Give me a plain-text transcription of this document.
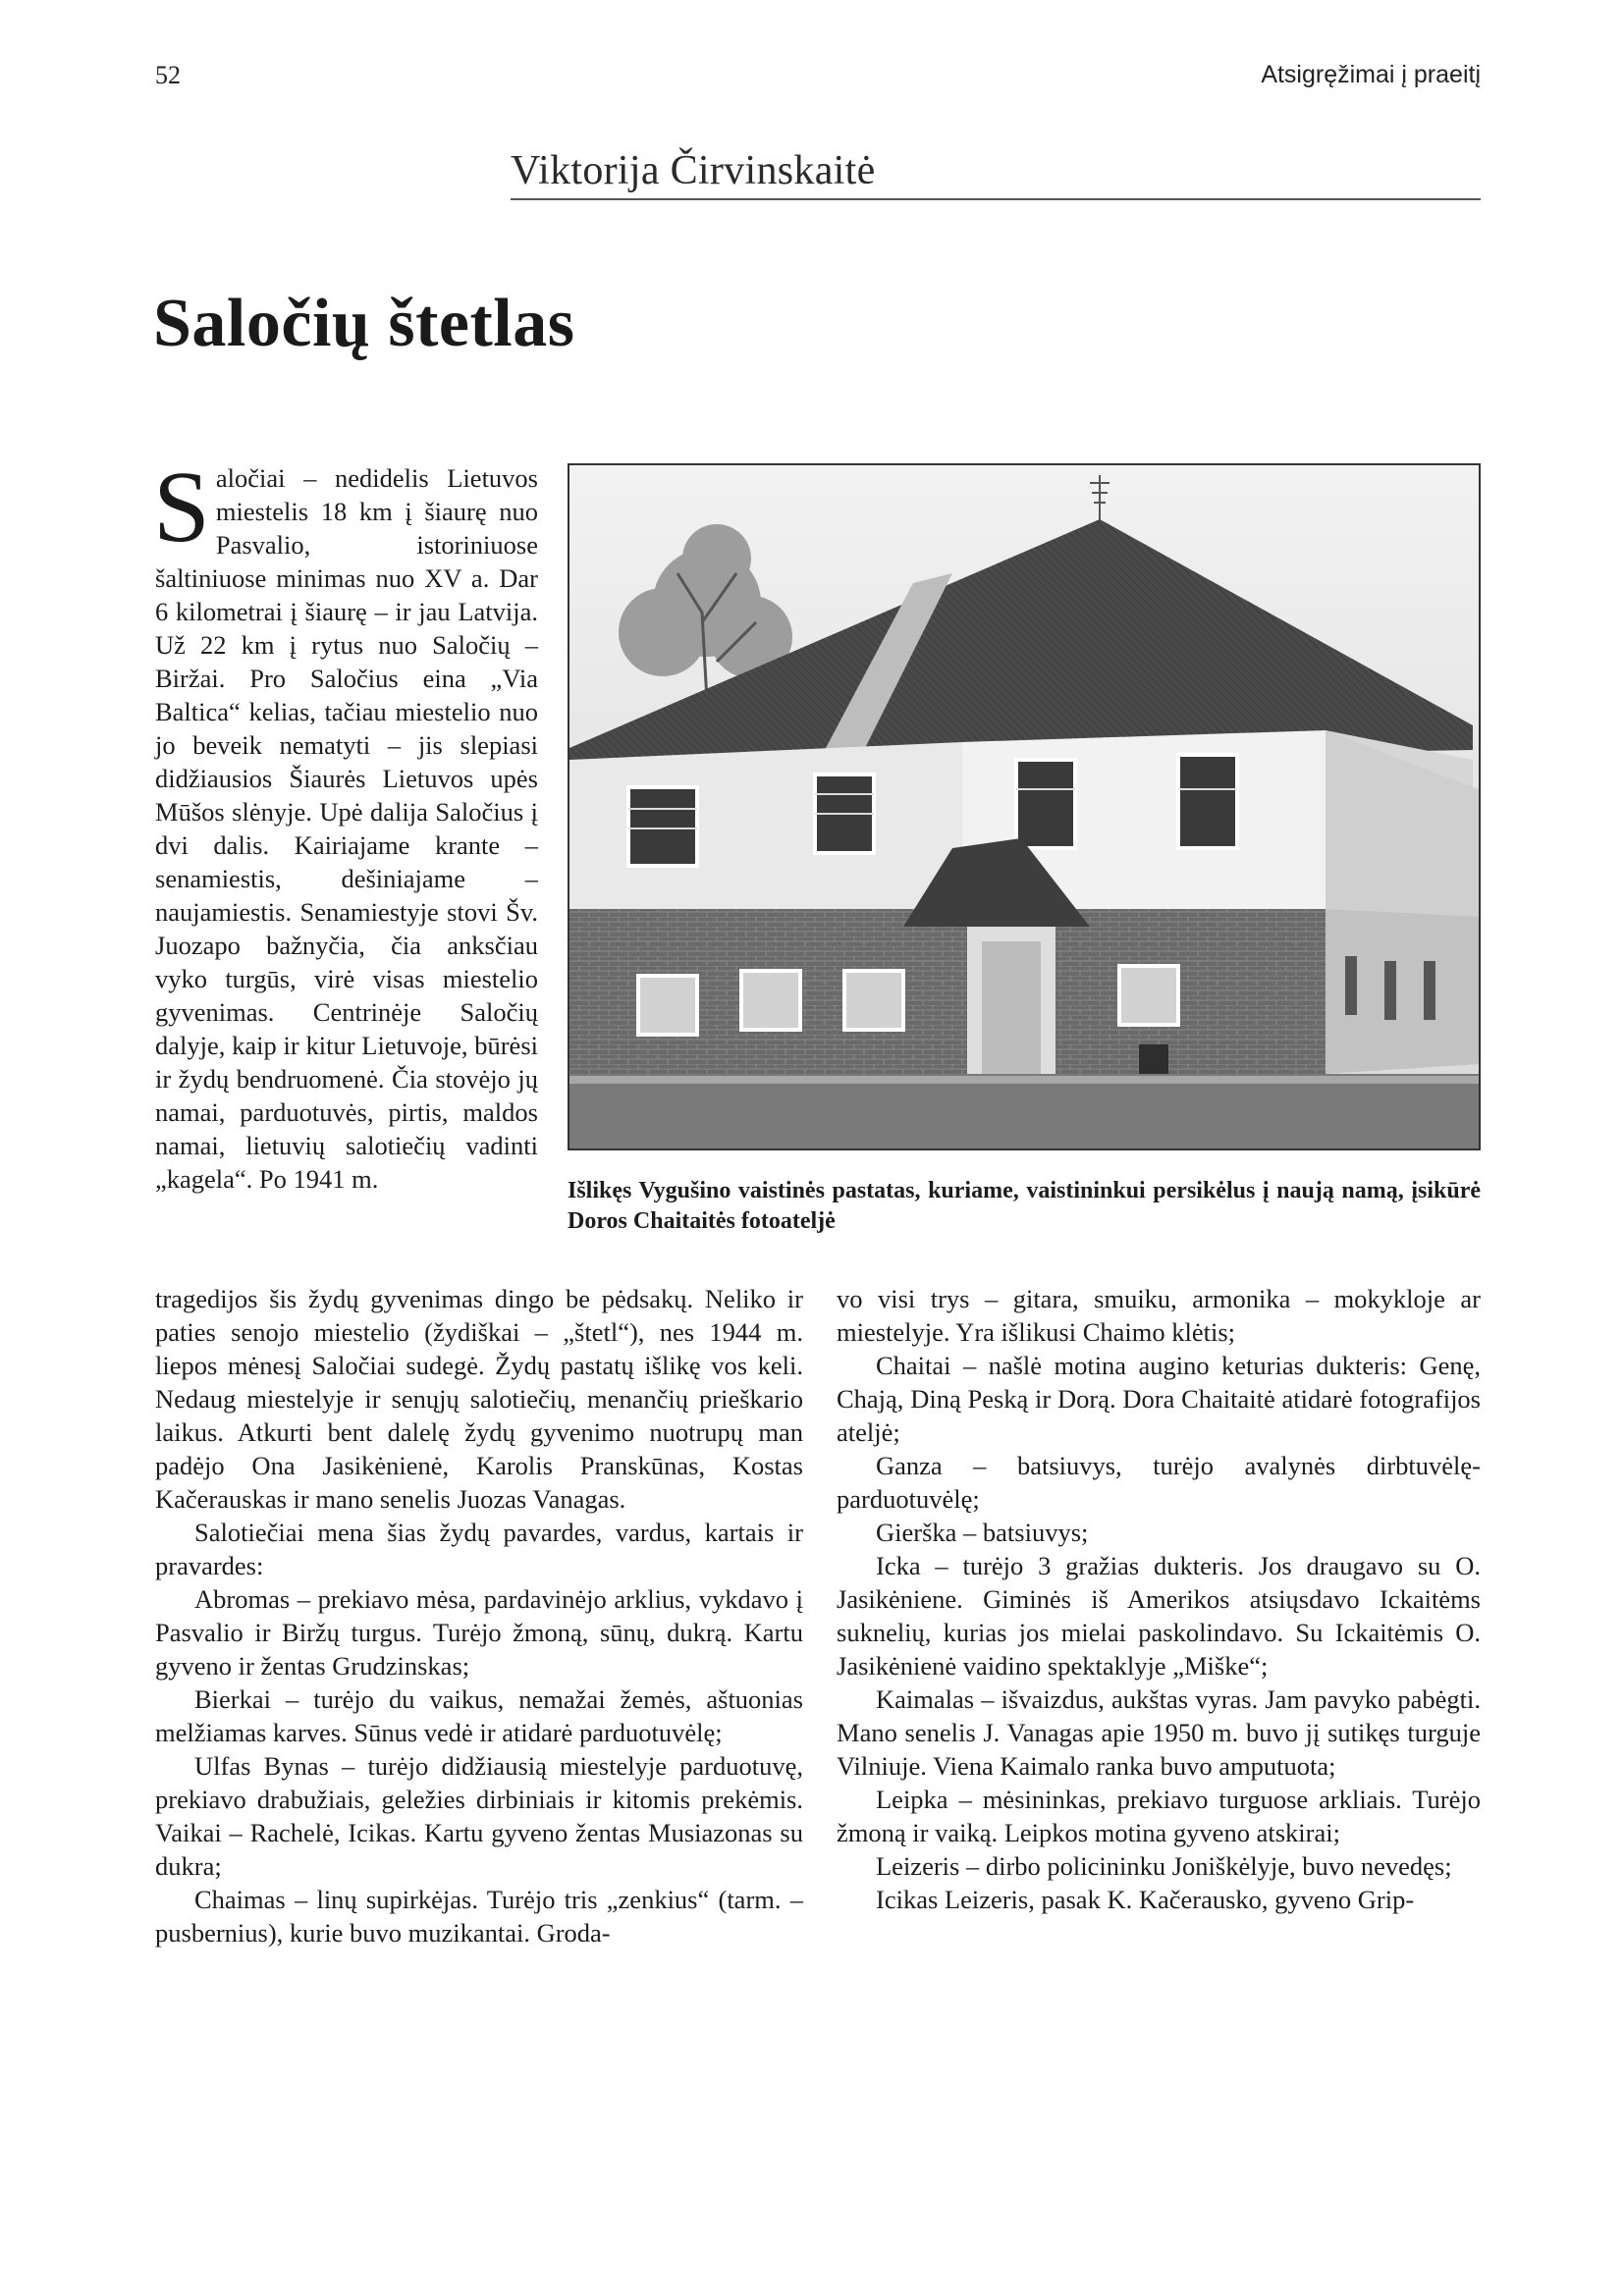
52	Atsigręžimai į praeitį
Viktorija Čirvinskaitė
Saločių štetlas

Saločiai – nedidelis Lietuvos miestelis 18 km į šiaurę nuo Pasvalio, istoriniuose šaltiniuose minimas nuo XV a. Dar 6 kilometrai į šiaurę – ir jau Latvija. Už 22 km į rytus nuo Saločių – Biržai. Pro Saločius eina „Via Baltica“ kelias, tačiau miestelio nuo jo beveik nematyti – jis slepiasi didžiausios Šiaurės Lietuvos upės Mūšos slėnyje. Upė dalija Saločius į dvi dalis. Kairiajame krante – senamiestis, dešiniajame – naujamiestis. Senamiestyje stovi Šv. Juozapo bažnyčia, čia anksčiau vyko turgūs, virė visas miestelio gyvenimas. Centrinėje Saločių dalyje, kaip ir kitur Lietuvoje, būrėsi ir žydų bendruomenė. Čia stovėjo jų namai, parduotuvės, pirtis, maldos namai, lietuvių salotiečių vadinti „kagela“. Po 1941 m.	Išlikęs Vygušino vaistinės pastatas, kuriame, vaistininkui persikėlus į naują namą, įsikūrė Doros Chaitaitės fotoateljė

tragedijos šis žydų gyvenimas dingo be pėdsakų. Neliko ir paties senojo miestelio (žydiškai – „štetl“), nes 1944 m. liepos mėnesį Saločiai sudegė. Žydų pastatų išlikę vos keli. Nedaug miestelyje ir senųjų salotiečių, menančių prieškario laikus. Atkurti bent dalelę žydų gyvenimo nuotrupų man padėjo Ona Jasikėnienė, Karolis Pranskūnas, Kostas Kačerauskas ir mano senelis Juozas Vanagas.

Salotiečiai mena šias žydų pavardes, vardus, kartais ir pravardes:

Abromas – prekiavo mėsa, pardavinėjo arklius, vykdavo į Pasvalio ir Biržų turgus. Turėjo žmoną, sūnų, dukrą. Kartu gyveno ir žentas Grudzinskas;

Bierkai – turėjo du vaikus, nemažai žemės, aštuonias melžiamas karves. Sūnus vedė ir atidarė parduotuvėlę;

Ulfas Bynas – turėjo didžiausią miestelyje parduotuvę, prekiavo drabužiais, geležies dirbiniais ir kitomis prekėmis. Vaikai – Rachelė, Icikas. Kartu gyveno žentas Musiazonas su dukra;

Chaimas – linų supirkėjas. Turėjo tris „zenkius“ (tarm. – pusbernius), kurie buvo muzikantai. Groda-

vo visi trys – gitara, smuiku, armonika – mokykloje ar miestelyje. Yra išlikusi Chaimo klėtis;

Chaitai – našlė motina augino keturias dukteris: Genę, Chają, Diną Peską ir Dorą. Dora Chaitaitė atidarė fotografijos ateljė;

Ganza – batsiuvys, turėjo avalynės dirbtuvėlę-parduotuvėlę;

Gierška – batsiuvys;

Icka – turėjo 3 gražias dukteris. Jos draugavo su O. Jasikėniene. Giminės iš Amerikos atsiųsdavo Ickaitėms suknelių, kurias jos mielai paskolindavo. Su Ickaitėmis O. Jasikėnienė vaidino spektaklyje „Miške“;

Kaimalas – išvaizdus, aukštas vyras. Jam pavyko pabėgti. Mano senelis J. Vanagas apie 1950 m. buvo jį sutikęs turguje Vilniuje. Viena Kaimalo ranka buvo amputuota;

Leipka – mėsininkas, prekiavo turguose arkliais. Turėjo žmoną ir vaiką. Leipkos motina gyveno atskirai;

Leizeris – dirbo policininku Joniškėlyje, buvo nevedęs;

Icikas Leizeris, pasak K. Kačerausko, gyveno Grip-
